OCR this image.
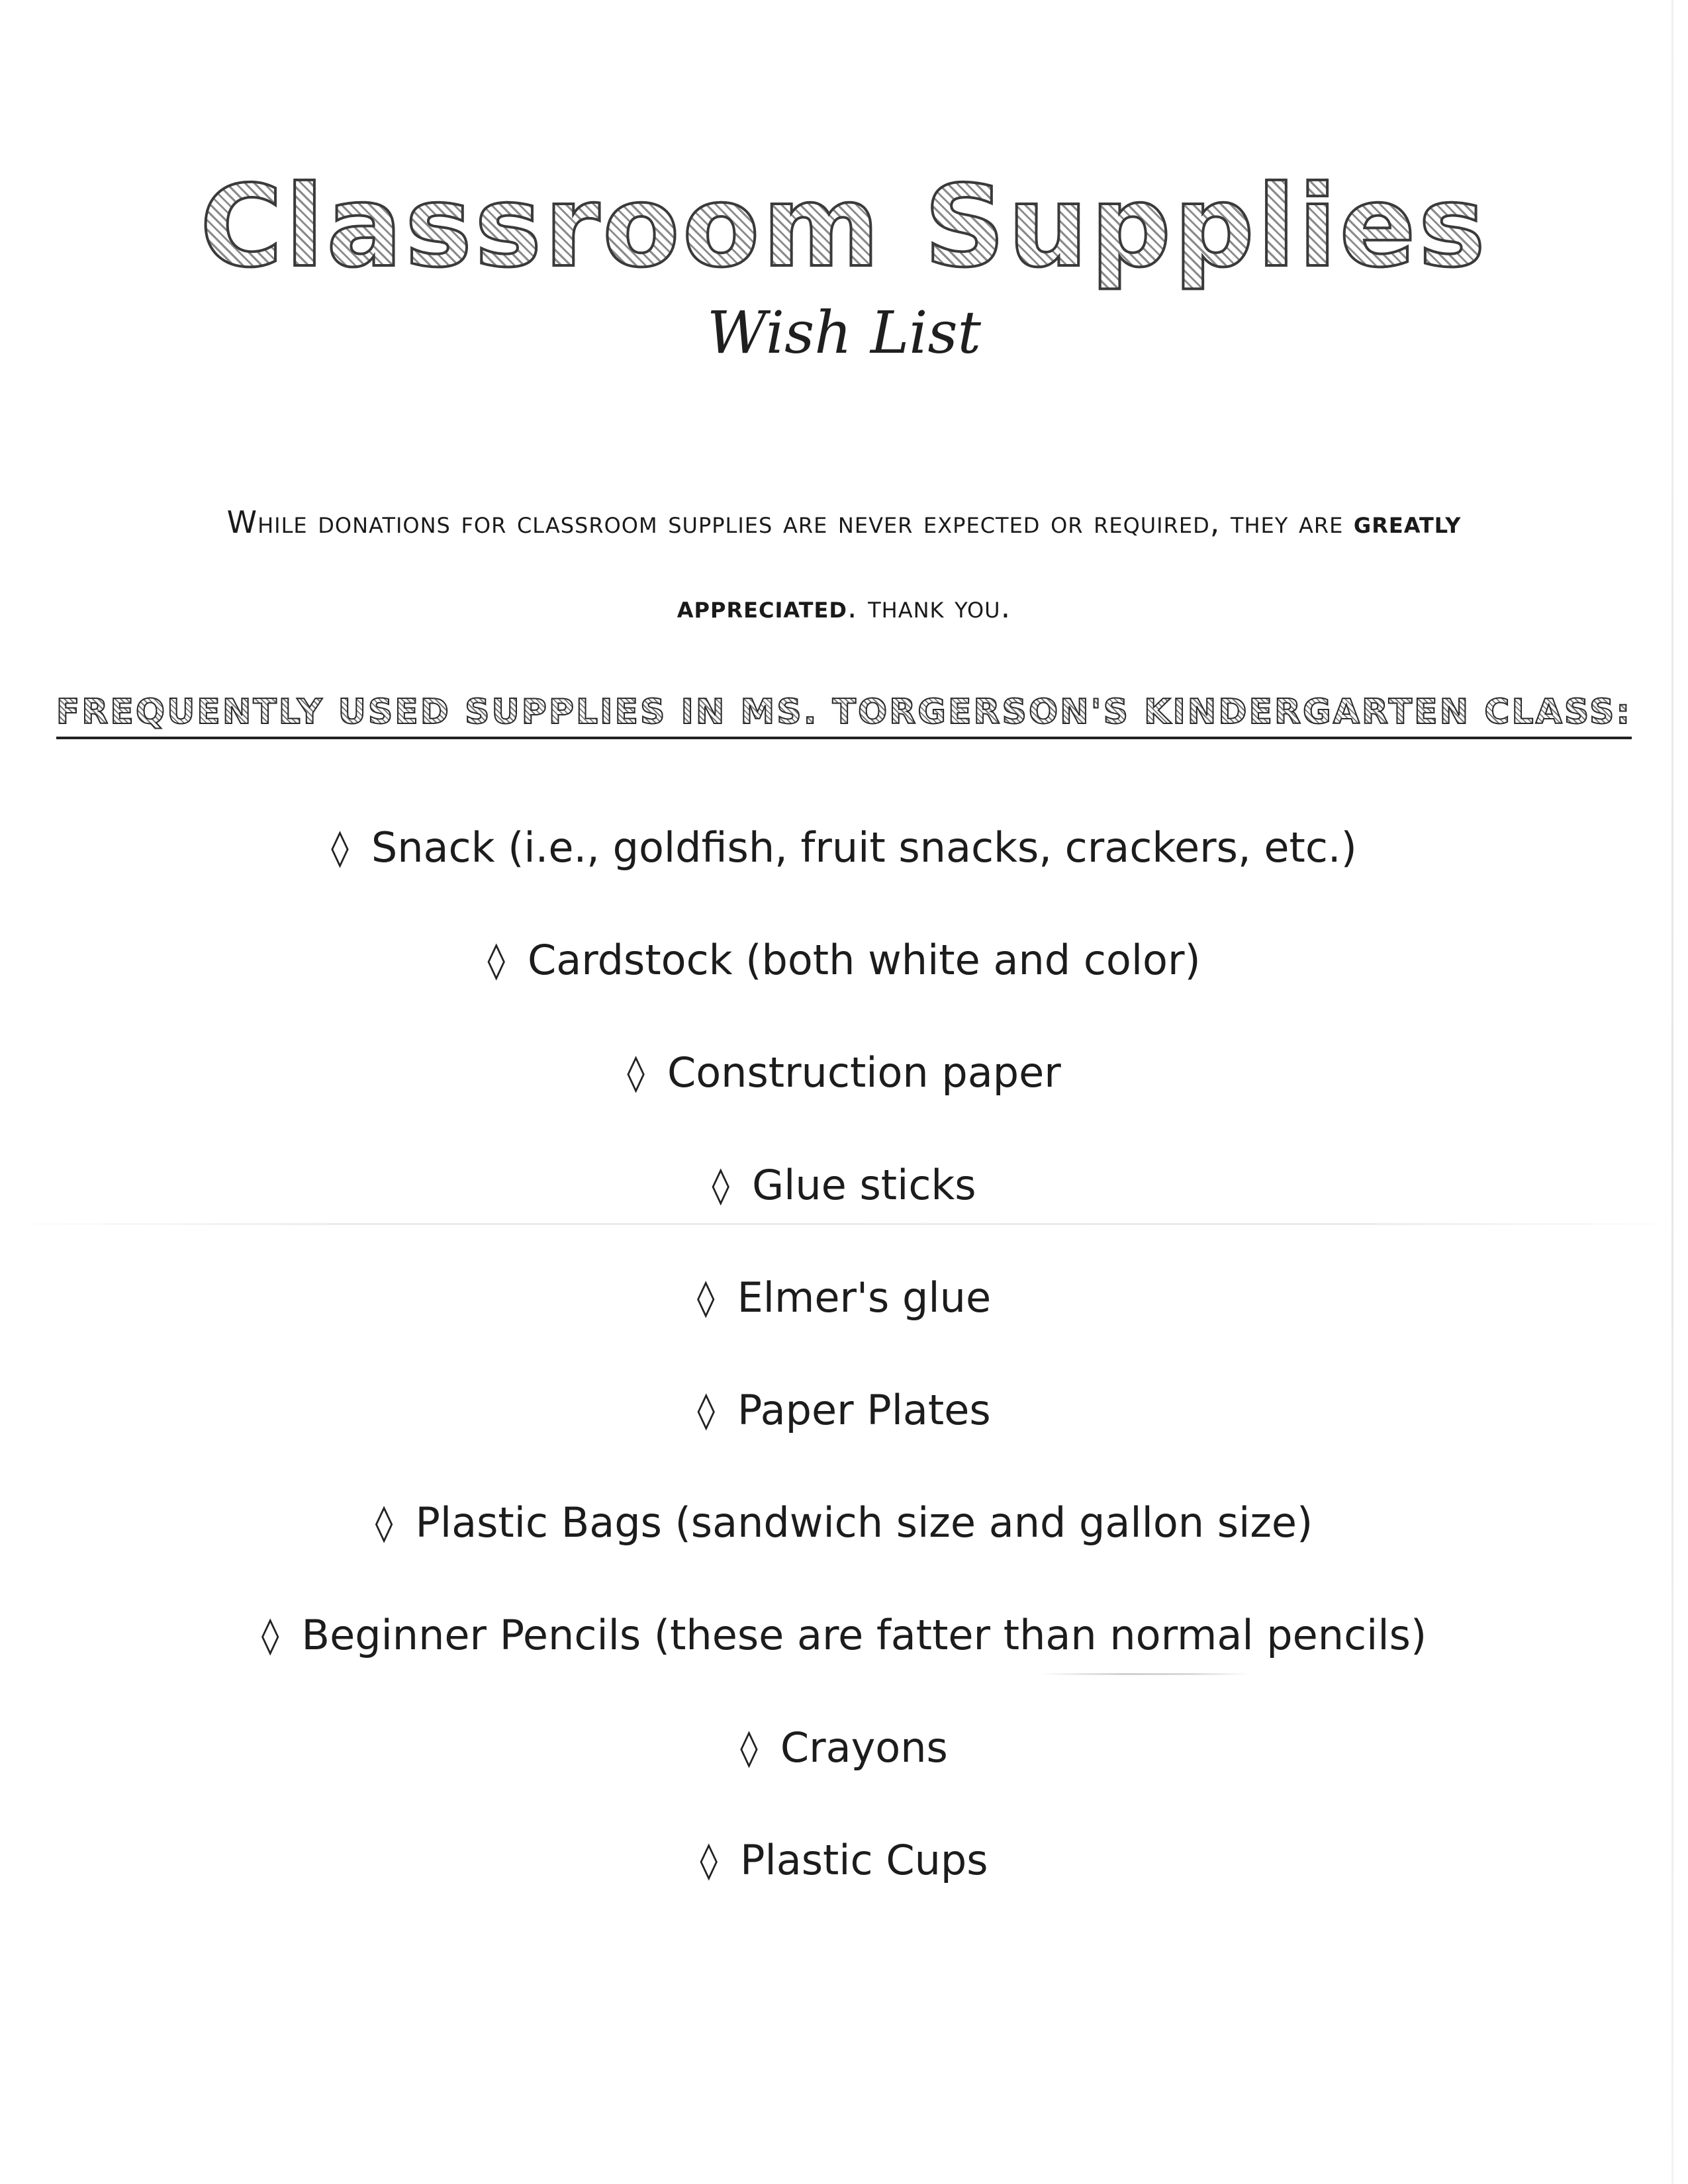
Classroom Supplies
Wish List
While donations for classroom supplies are never expected or required, they are greatly appreciated. thank you.
FREQUENTLY USED SUPPLIES IN MS. TORGERSON'S KINDERGARTEN CLASS:
◊ Snack (i.e., goldfish, fruit snacks, crackers, etc.)
◊ Cardstock (both white and color)
◊ Construction paper
◊ Glue sticks
◊ Elmer's glue
◊ Paper Plates
◊ Plastic Bags (sandwich size and gallon size)
◊ Beginner Pencils (these are fatter than normal pencils)
◊ Crayons
◊ Plastic Cups
